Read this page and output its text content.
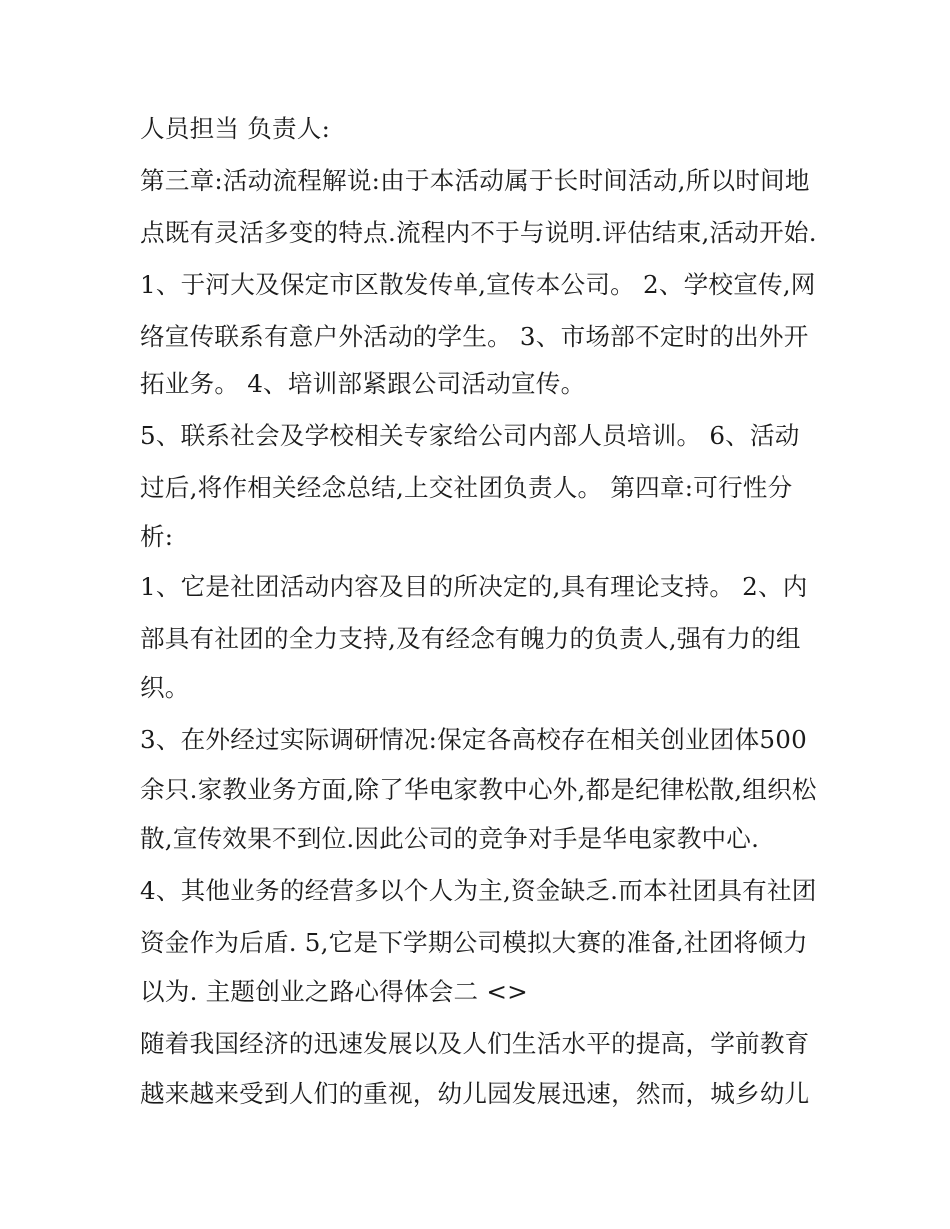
人员担当 负责人:
第三章:活动流程解说:由于本活动属于长时间活动,所以时间地
点既有灵活多变的特点.流程内不于与说明.评估结束,活动开始.
1、于河大及保定市区散发传单,宣传本公司。 2、学校宣传,网
络宣传联系有意户外活动的学生。 3、市场部不定时的出外开
拓业务。 4、培训部紧跟公司活动宣传。
5、联系社会及学校相关专家给公司内部人员培训。 6、活动
过后,将作相关经念总结,上交社团负责人。 第四章:可行性分
析:
1、它是社团活动内容及目的所决定的,具有理论支持。 2、内
部具有社团的全力支持,及有经念有魄力的负责人,强有力的组
织。
3、在外经过实际调研情况:保定各高校存在相关创业团体500
余只.家教业务方面,除了华电家教中心外,都是纪律松散,组织松
散,宣传效果不到位.因此公司的竞争对手是华电家教中心.
4、其他业务的经营多以个人为主,资金缺乏.而本社团具有社团
资金作为后盾. 5,它是下学期公司模拟大赛的准备,社团将倾力
以为. 主题创业之路心得体会二 <>
随着我国经济的迅速发展以及人们生活水平的提高，学前教育
越来越来受到人们的重视，幼儿园发展迅速，然而，城乡幼儿
